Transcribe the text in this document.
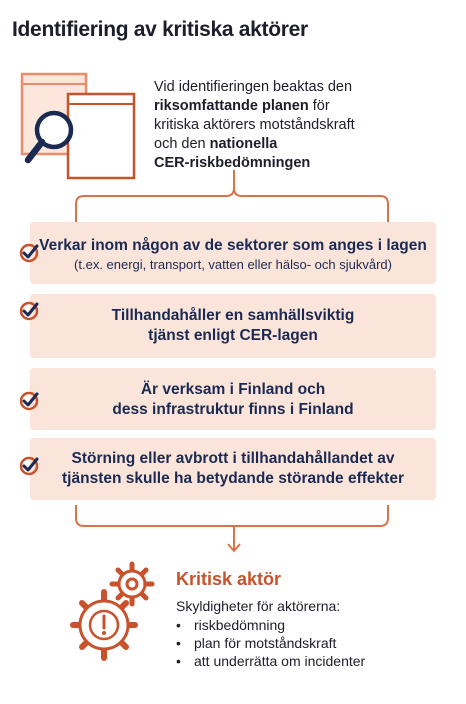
Identifiering av kritiska aktörer

Vid identifieringen beaktas den
riksomfattande planen för
kritiska aktörers motståndskraft
och den nationella
CER-riskbedömningen

Verkar inom någon av de sektorer som anges i lagen
(t.ex. energi, transport, vatten eller hälso- och sjukvård)
Tillhandahåller en samhällsviktig
tjänst enligt CER-lagen
Är verksam i Finland och
dess infrastruktur finns i Finland
Störning eller avbrott i tillhandahållandet av
tjänsten skulle ha betydande störande effekter
Kritisk aktör
Skyldigheter för aktörerna:
• riskbedömning
• plan för motståndskraft
• att underrätta om incidenter
